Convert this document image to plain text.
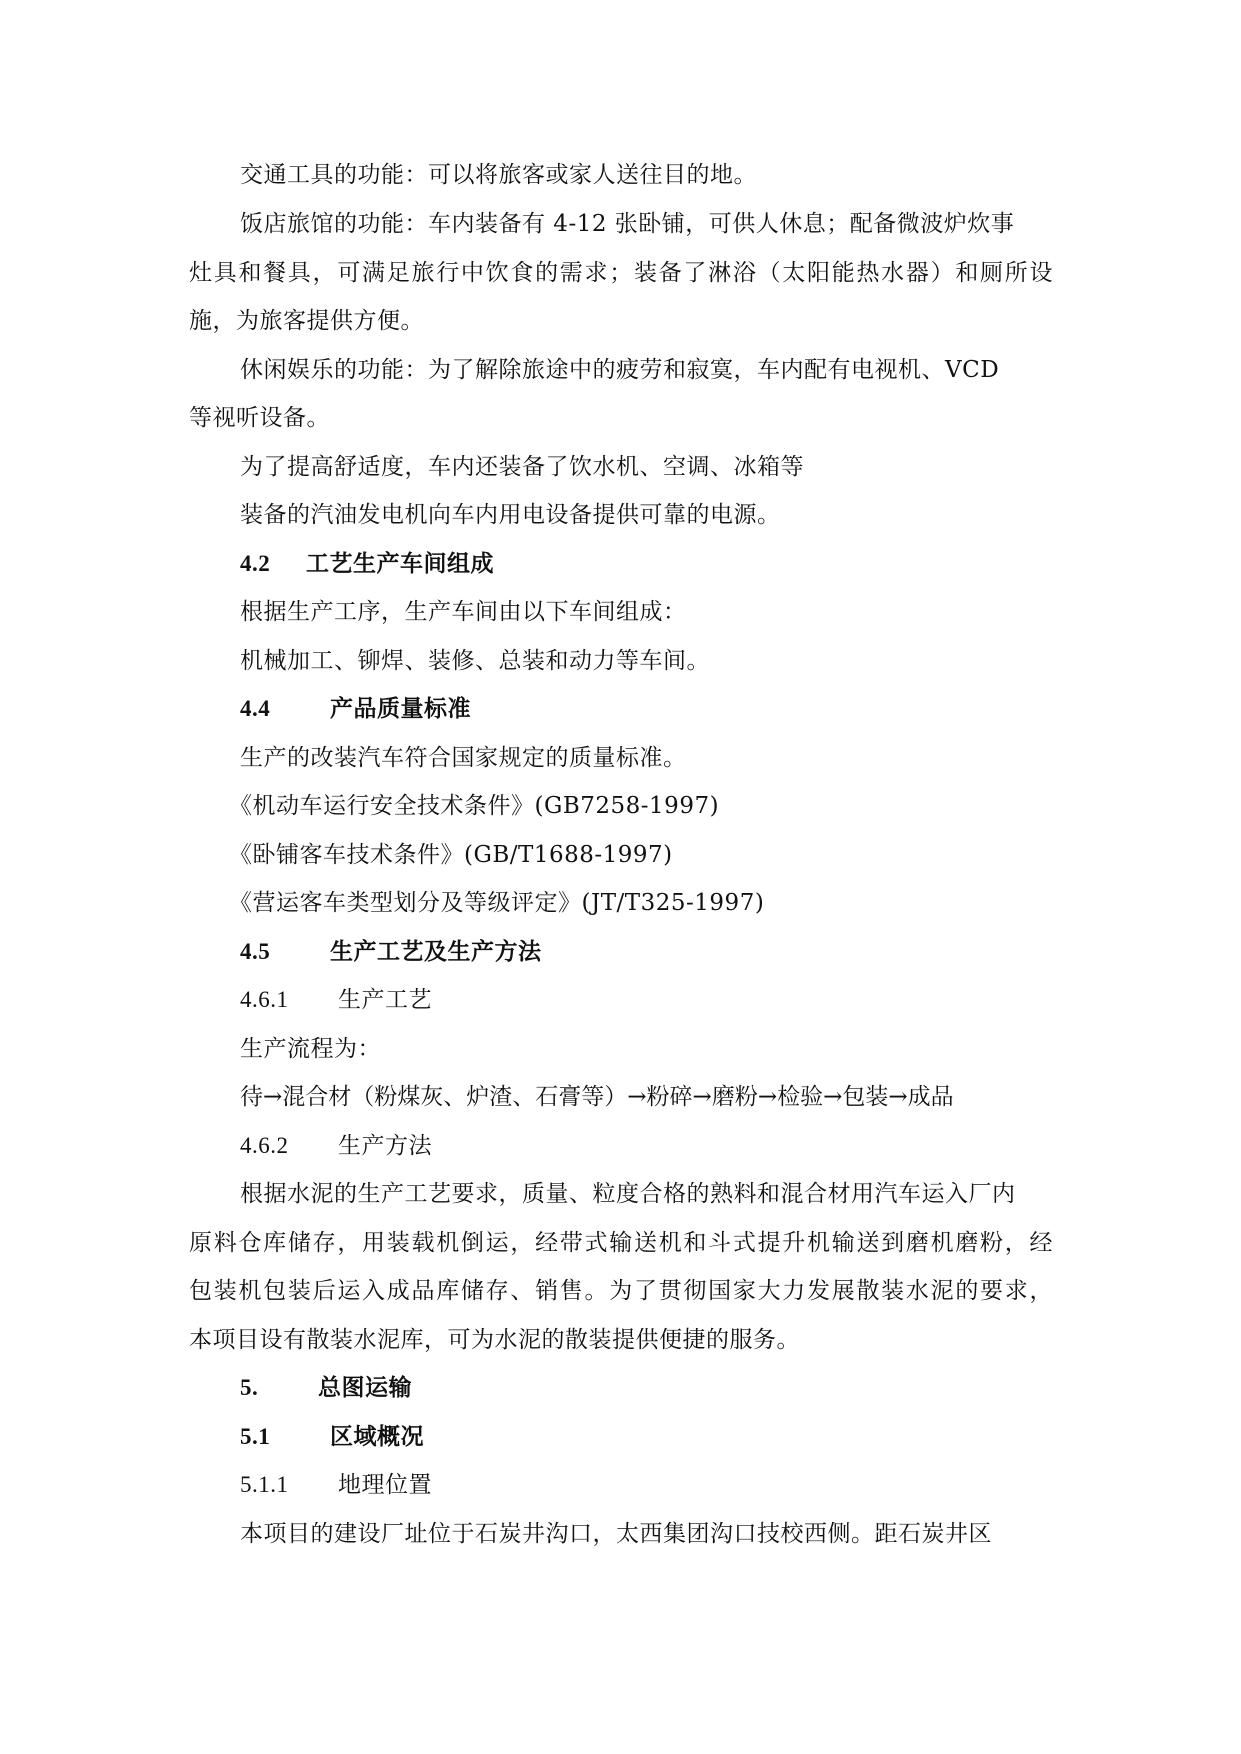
交通工具的功能：可以将旅客或家人送往目的地。
饭店旅馆的功能：车内装备有 4-12 张卧铺，可供人休息；配备微波炉炊事
灶具和餐具，可满足旅行中饮食的需求；装备了淋浴（太阳能热水器）和厕所设
施，为旅客提供方便。
休闲娱乐的功能：为了解除旅途中的疲劳和寂寞，车内配有电视机、VCD
等视听设备。
为了提高舒适度，车内还装备了饮水机、空调、冰箱等
装备的汽油发电机向车内用电设备提供可靠的电源。
4.2 工艺生产车间组成
根据生产工序，生产车间由以下车间组成：
机械加工、铆焊、装修、总装和动力等车间。
4.4	产品质量标准
生产的改装汽车符合国家规定的质量标准。
《机动车运行安全技术条件》(GB7258-1997)
《卧铺客车技术条件》(GB/T1688-1997)
《营运客车类型划分及等级评定》(JT/T325-1997)
4.5	生产工艺及生产方法
4.6.1 生产工艺
生产流程为：
待→混合材（粉煤灰、炉渣、石膏等）→粉碎→磨粉→检验→包装→成品
4.6.2 生产方法
根据水泥的生产工艺要求，质量、粒度合格的熟料和混合材用汽车运入厂内
原料仓库储存，用装载机倒运，经带式输送机和斗式提升机输送到磨机磨粉，经
包装机包装后运入成品库储存、销售。为了贯彻国家大力发展散装水泥的要求，
本项目设有散装水泥库，可为水泥的散装提供便捷的服务。
5.	总图运输
5.1	区域概况
5.1.1 地理位置
本项目的建设厂址位于石炭井沟口，太西集团沟口技校西侧。距石炭井区
